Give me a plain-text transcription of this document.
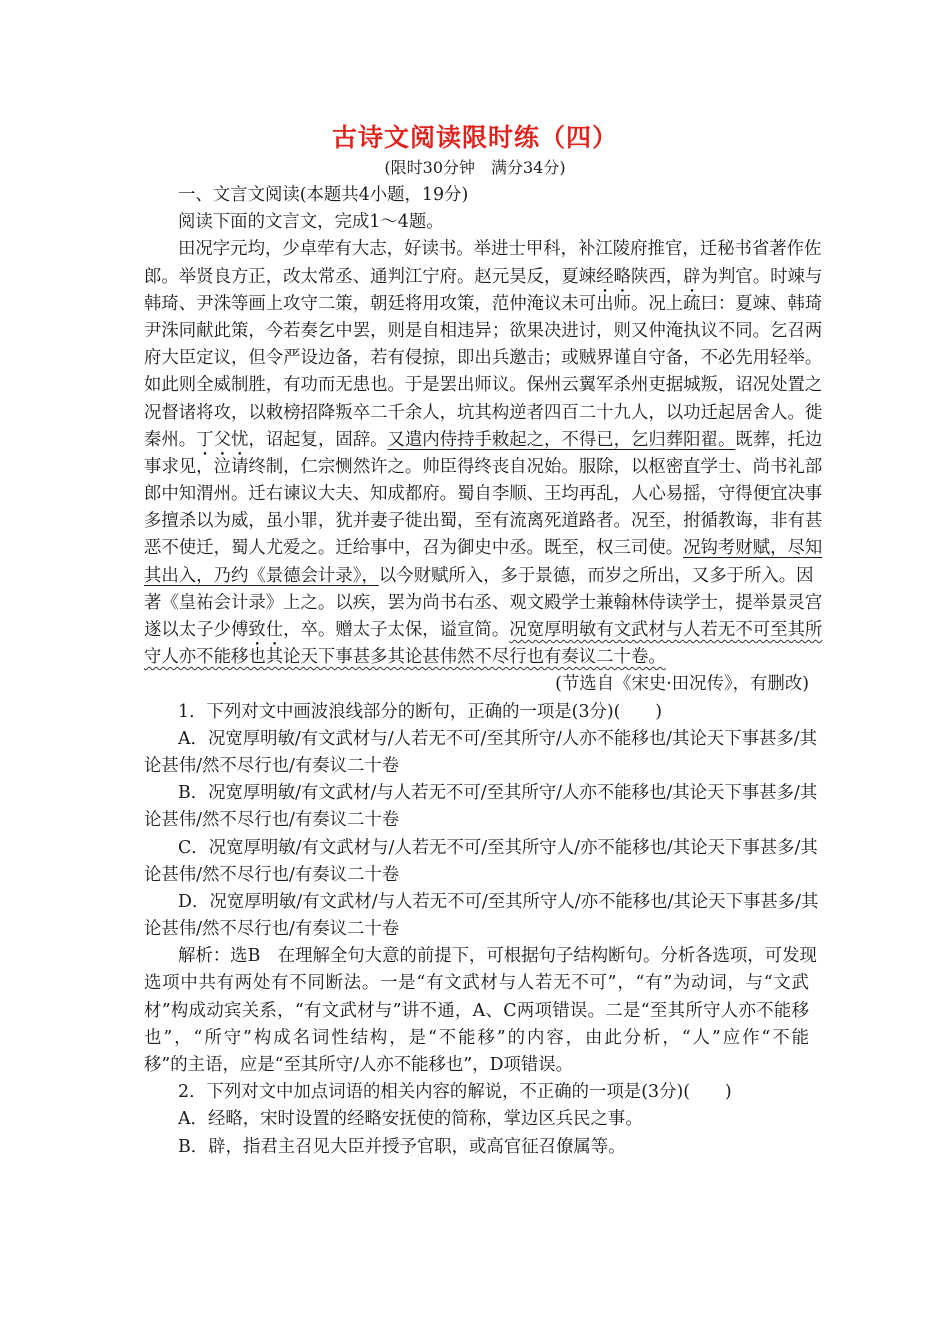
古诗文阅读限时练（四）
(限时30分钟　满分34分)
一、文言文阅读(本题共4小题，19分)
阅读下面的文言文，完成1～4题。
田况字元均，少卓荦有大志，好读书。举进士甲科，补江陵府推官，迁秘书省著作佐
郎。举贤良方正，改太常丞、通判江宁府。赵元昊反，夏竦经略陕西，辟为判官。时竦与
韩琦、尹洙等画上攻守二策，朝廷将用攻策，范仲淹议未可出师。况上疏曰：夏竦、韩琦
尹洙同献此策，今若奏乞中罢，则是自相违异；欲果决进讨，则又仲淹执议不同。乞召两
府大臣定议，但令严设边备，若有侵掠，即出兵邀击；或贼界谨自守备，不必先用轻举。
如此则全威制胜，有功而无患也。于是罢出师议。保州云翼军杀州吏据城叛，诏况处置之
况督诸将攻，以敕榜招降叛卒二千余人，坑其构逆者四百二十九人，以功迁起居舍人。徙
秦州。丁父忧，诏起复，固辞。又遣内侍持手敕起之，不得已，乞归葬阳翟。既葬，托边
事求见，泣请终制，仁宗恻然许之。帅臣得终丧自况始。服除，以枢密直学士、尚书礼部
郎中知渭州。迁右谏议大夫、知成都府。蜀自李顺、王均再乱，人心易摇，守得便宜决事
多擅杀以为威，虽小罪，犹并妻子徙出蜀，至有流离死道路者。况至，拊循教诲，非有甚
恶不使迁，蜀人尤爱之。迁给事中，召为御史中丞。既至，权三司使。况钩考财赋，尽知
其出入，乃约《景德会计录》，以今财赋所入，多于景德，而岁之所出，又多于所入。因
著《皇祐会计录》上之。以疾，罢为尚书右丞、观文殿学士兼翰林侍读学士，提举景灵宫
遂以太子少傅致仕，卒。赠太子太保，谥宣简。况宽厚明敏有文武材与人若无不可至其所
守人亦不能移也其论天下事甚多其论甚伟然不尽行也有奏议二十卷。
(节选自《宋史·田况传》，有删改)
1．下列对文中画波浪线部分的断句，正确的一项是(3分)(　　)
A．况宽厚明敏/有文武材与/人若无不可/至其所守/人亦不能移也/其论天下事甚多/其
论甚伟/然不尽行也/有奏议二十卷
B．况宽厚明敏/有文武材/与人若无不可/至其所守/人亦不能移也/其论天下事甚多/其
论甚伟/然不尽行也/有奏议二十卷
C．况宽厚明敏/有文武材与/人若无不可/至其所守人/亦不能移也/其论天下事甚多/其
论甚伟/然不尽行也/有奏议二十卷
D．况宽厚明敏/有文武材/与人若无不可/至其所守人/亦不能移也/其论天下事甚多/其
论甚伟/然不尽行也/有奏议二十卷
解析：选B　在理解全句大意的前提下，可根据句子结构断句。分析各选项，可发现
选项中共有两处有不同断法。一是“有文武材与人若无不可”，“有”为动词，与“文武
材”构成动宾关系，“有文武材与”讲不通，A、C两项错误。二是“至其所守人亦不能移
也”，“所守”构成名词性结构，是“不能移”的内容，由此分析，“人”应作“不能
移”的主语，应是“至其所守/人亦不能移也”，D项错误。
2．下列对文中加点词语的相关内容的解说，不正确的一项是(3分)(　　)
A．经略，宋时设置的经略安抚使的简称，掌边区兵民之事。
B．辟，指君主召见大臣并授予官职，或高官征召僚属等。
